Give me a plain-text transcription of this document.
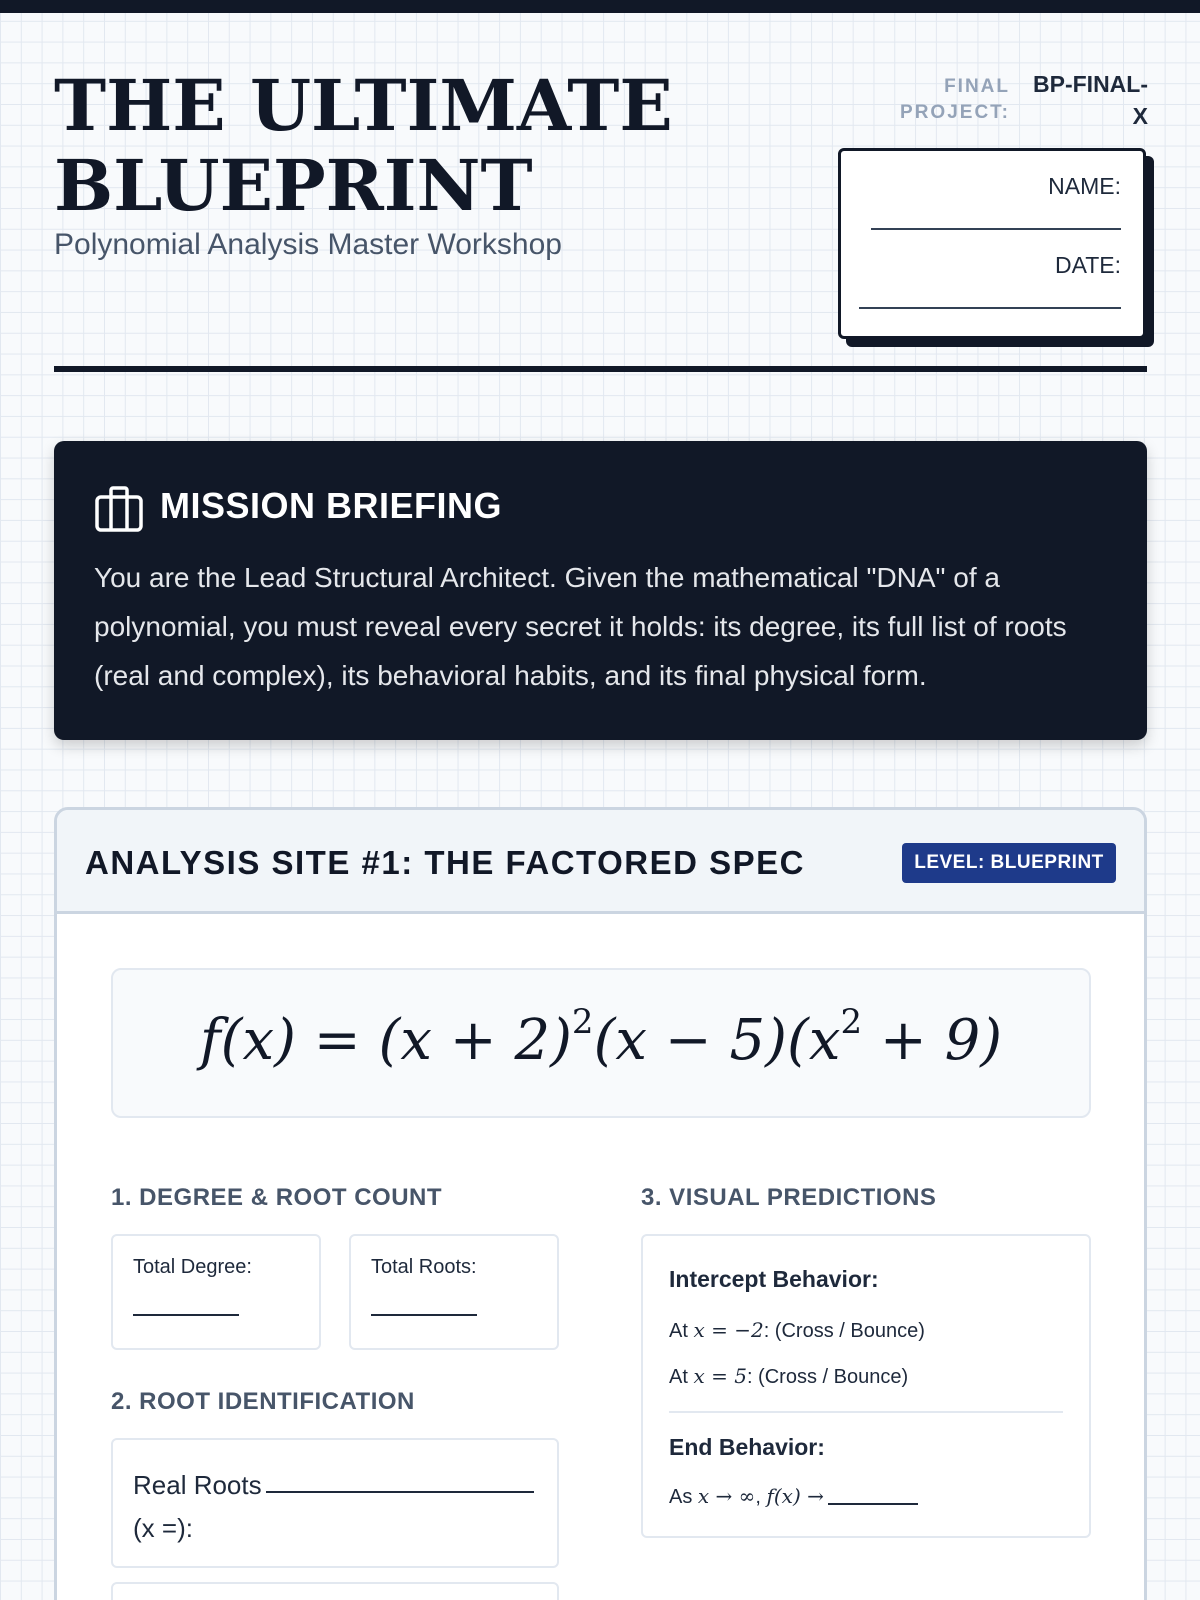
THE ULTIMATE
BLUEPRINT
Polynomial Analysis Master Workshop
FINAL
PROJECT:
BP-FINAL-
X
NAME:
DATE:
MISSION BRIEFING

You are the Lead Structural Architect. Given the mathematical "DNA" of a polynomial, you must reveal every secret it holds: its degree, its full list of roots (real and complex), its behavioral habits, and its final physical form.

ANALYSIS SITE #1: THE FACTORED SPEC	LEVEL: BLUEPRINT
$f(x) = (x + 2)^2(x - 5)(x^2 + 9)$
1. DEGREE & ROOT COUNT
Total Degree:	Total Roots:
2. ROOT IDENTIFICATION
Real Roots (x =):
3. VISUAL PREDICTIONS
Intercept Behavior:
At x = −2: (Cross / Bounce)
At x = 5: (Cross / Bounce)
End Behavior:
As x → ∞, f(x) →
